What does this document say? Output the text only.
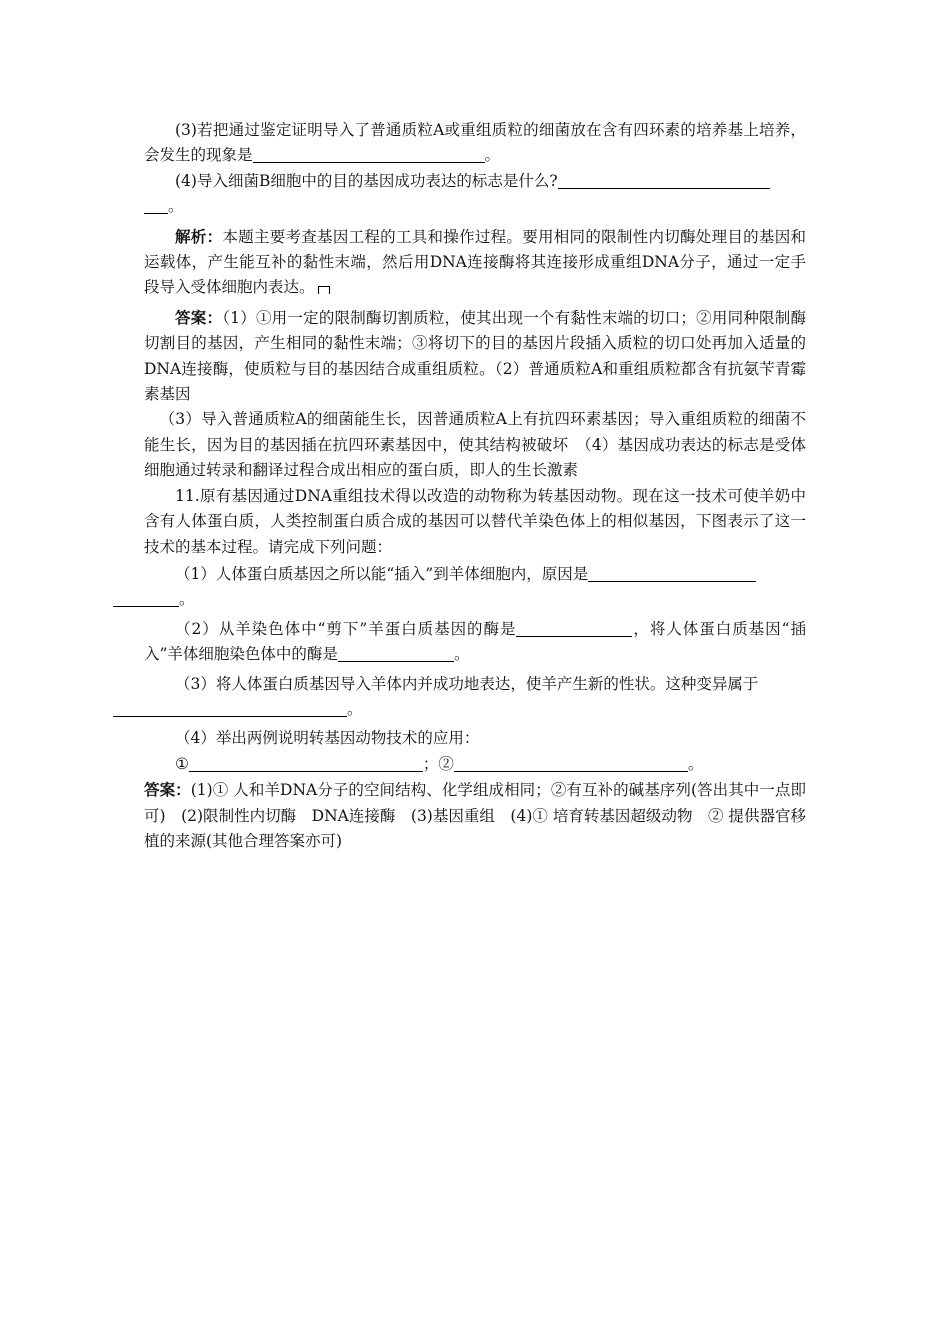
(3)若把通过鉴定证明导入了普通质粒A或重组质粒的细菌放在含有四环素的培养基上培养，会发生的现象是	。

(4)导入细菌B细胞中的目的基因成功表达的标志是什么?
。

解析：本题主要考查基因工程的工具和操作过程。要用相同的限制性内切酶处理目的基因和运载体，产生能互补的黏性末端，然后用DNA连接酶将其连接形成重组DNA分子，通过一定手段导入受体细胞内表达。

答案：（1）①用一定的限制酶切割质粒，使其出现一个有黏性末端的切口；②用同种限制酶切割目的基因，产生相同的黏性末端；③将切下的目的基因片段插入质粒的切口处再加入适量的DNA连接酶，使质粒与目的基因结合成重组质粒。（2）普通质粒A和重组质粒都含有抗氨苄青霉素基因

（3）导入普通质粒A的细菌能生长，因普通质粒A上有抗四环素基因；导入重组质粒的细菌不能生长，因为目的基因插在抗四环素基因中，使其结构被破坏　（4）基因成功表达的标志是受体细胞通过转录和翻译过程合成出相应的蛋白质，即人的生长激素

11.原有基因通过DNA重组技术得以改造的动物称为转基因动物。现在这一技术可使羊奶中含有人体蛋白质，人类控制蛋白质合成的基因可以替代羊染色体上的相似基因，下图表示了这一技术的基本过程。请完成下列问题：

（1）人体蛋白质基因之所以能“插入”到羊体细胞内，原因是
。

（2）从羊染色体中“剪下”羊蛋白质基因的酶是	，将人体蛋白质基因“插入”羊体细胞染色体中的酶是	。

（3）将人体蛋白质基因导入羊体内并成功地表达，使羊产生新的性状。这种变异属于
。

（4）举出两例说明转基因动物技术的应用：

①	；②	。

答案：(1)① 人和羊DNA分子的空间结构、化学组成相同；②有互补的碱基序列(答出其中一点即可)　(2)限制性内切酶　DNA连接酶　(3)基因重组　(4)① 培育转基因超级动物　② 提供器官移植的来源(其他合理答案亦可)
